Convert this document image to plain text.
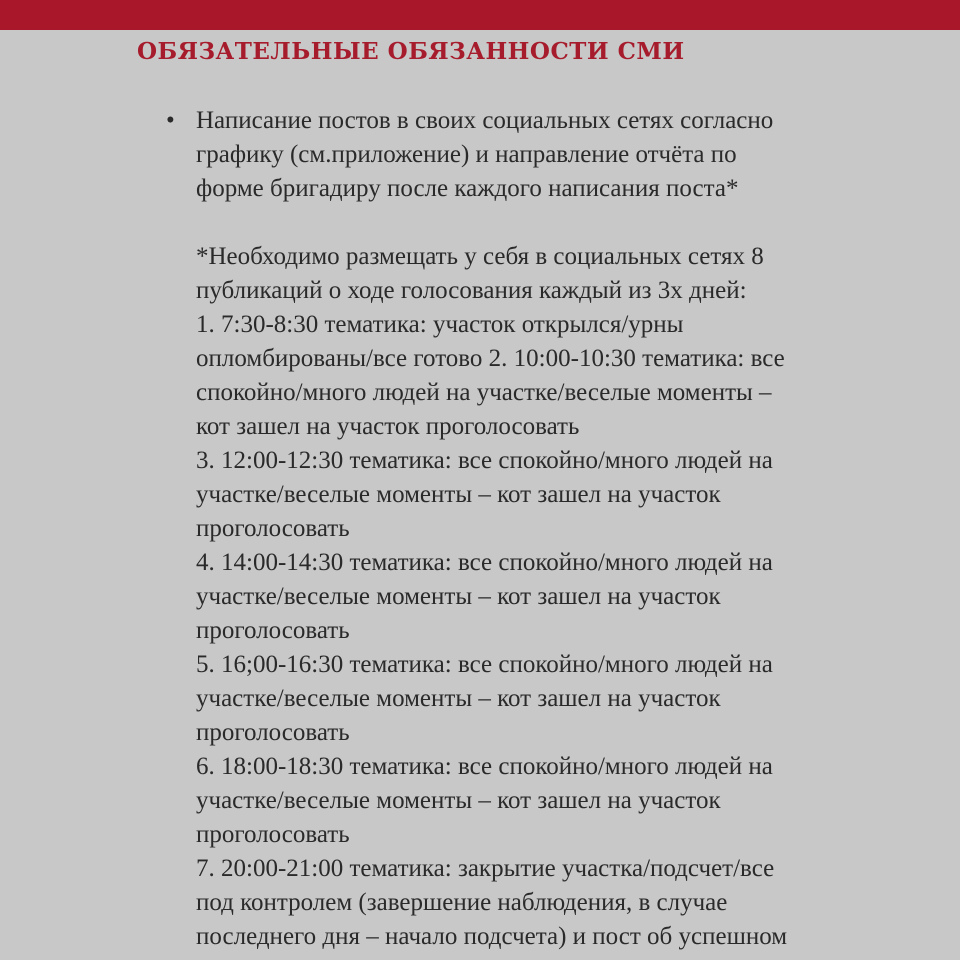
ОБЯЗАТЕЛЬНЫЕ ОБЯЗАННОСТИ СМИ
• Написание постов в своих социальных сетях согласно
графику (см.приложение) и направление отчёта по
форме бригадиру после каждого написания поста*
*Необходимо размещать у себя в социальных сетях 8
публикаций о ходе голосования каждый из 3х дней:
1. 7:30-8:30 тематика: участок открылся/урны
опломбированы/все готово 2. 10:00-10:30 тематика: все
спокойно/много людей на участке/веселые моменты –
кот зашел на участок проголосовать
3. 12:00-12:30 тематика: все спокойно/много людей на
участке/веселые моменты – кот зашел на участок
проголосовать
4. 14:00-14:30 тематика: все спокойно/много людей на
участке/веселые моменты – кот зашел на участок
проголосовать
5. 16;00-16:30 тематика: все спокойно/много людей на
участке/веселые моменты – кот зашел на участок
проголосовать
6. 18:00-18:30 тематика: все спокойно/много людей на
участке/веселые моменты – кот зашел на участок
проголосовать
7. 20:00-21:00 тематика: закрытие участка/подсчет/все
под контролем (завершение наблюдения, в случае
последнего дня – начало подсчета) и пост об успешном
